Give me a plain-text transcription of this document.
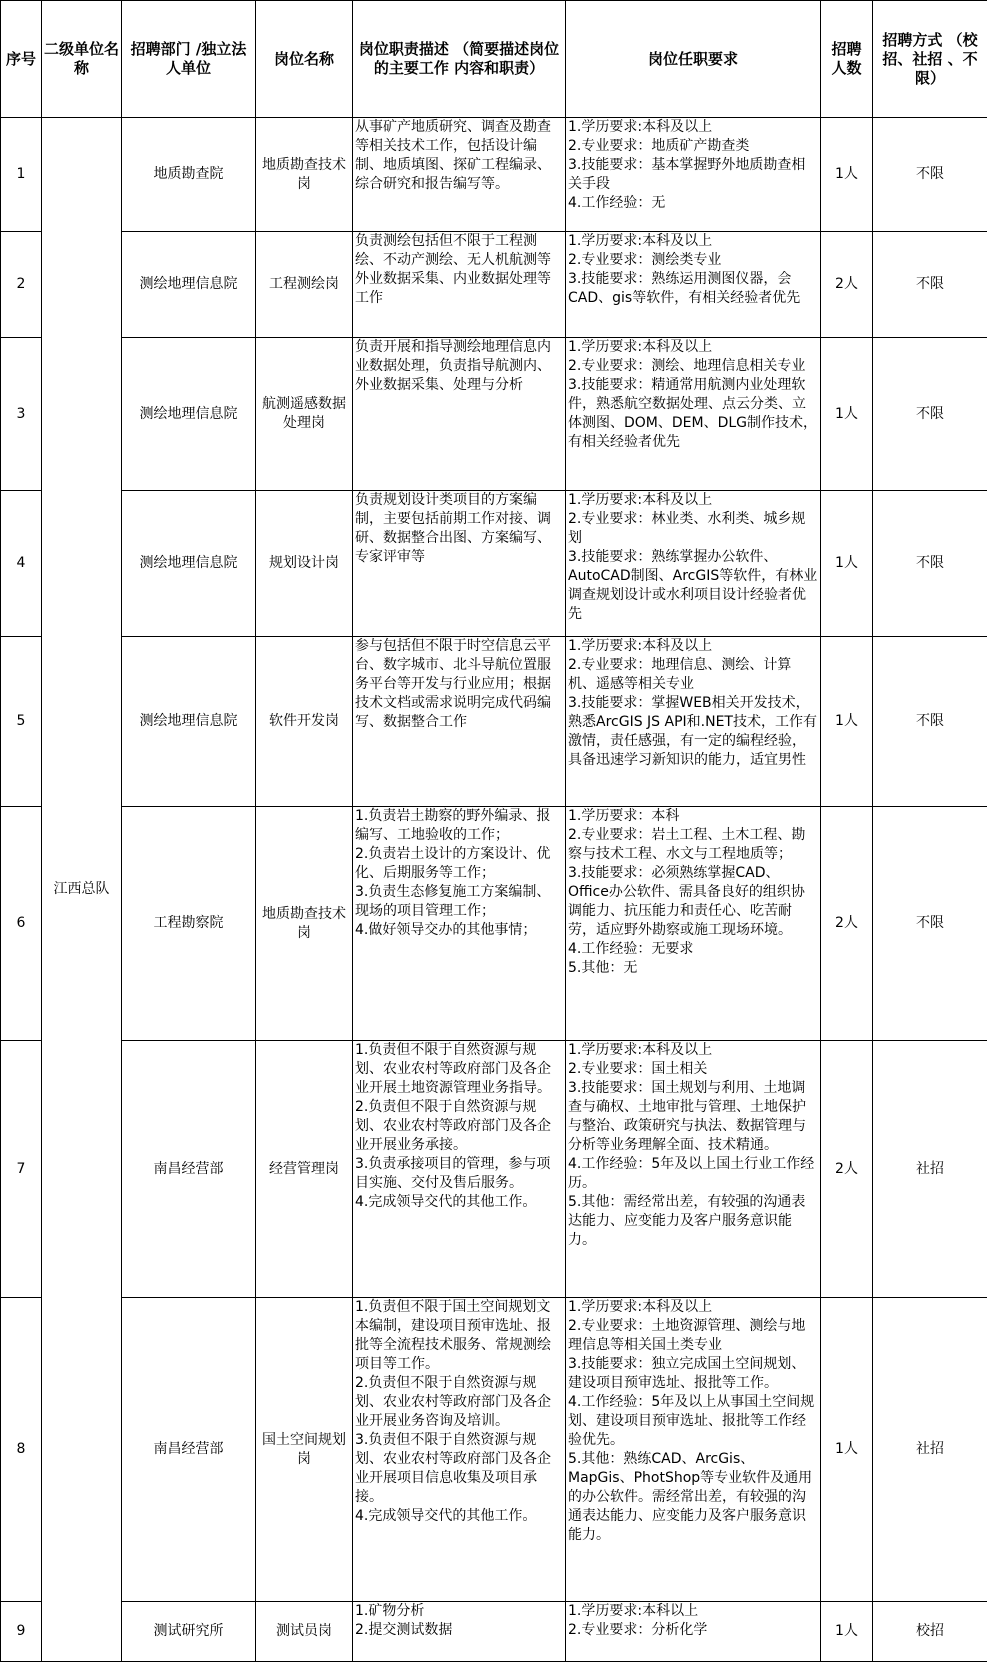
序号	二级单位名称	招聘部门 /独立法人单位	岗位名称	岗位职责描述 （简要描述岗位的主要工作 内容和职责）	岗位任职要求	招聘 人数	招聘方式 （校招、社招 、不限）
1	江西总队	地质勘查院	地质勘查技术岗	从事矿产地质研究、调查及勘查等相关技术工作，包括设计编制、地质填图、探矿工程编录、综合研究和报告编写等。	1.学历要求:本科及以上
2.专业要求：地质矿产勘查类
3.技能要求：基本掌握野外地质勘查相关手段
4.工作经验：无	1人	不限
2		测绘地理信息院	工程测绘岗	负责测绘包括但不限于工程测绘、不动产测绘、无人机航测等外业数据采集、内业数据处理等工作	1.学历要求:本科及以上
2.专业要求：测绘类专业
3.技能要求：熟练运用测图仪器，会CAD、gis等软件，有相关经验者优先	2人	不限
3		测绘地理信息院	航测遥感数据处理岗	负责开展和指导测绘地理信息内业数据处理，负责指导航测内、外业数据采集、处理与分析	1.学历要求:本科及以上
2.专业要求：测绘、地理信息相关专业
3.技能要求：精通常用航测内业处理软件，熟悉航空数据处理、点云分类、立体测图、DOM、DEM、DLG制作技术，有相关经验者优先	1人	不限
4		测绘地理信息院	规划设计岗	负责规划设计类项目的方案编制，主要包括前期工作对接、调研、数据整合出图、方案编写、专家评审等	1.学历要求:本科及以上
2.专业要求：林业类、水利类、城乡规划
3.技能要求：熟练掌握办公软件、AutoCAD制图、ArcGIS等软件，有林业调查规划设计或水利项目设计经验者优先	1人	不限
5		测绘地理信息院	软件开发岗	参与包括但不限于时空信息云平台、数字城市、北斗导航位置服务平台等开发与行业应用；根据技术文档或需求说明完成代码编写、数据整合工作	1.学历要求:本科及以上
2.专业要求：地理信息、测绘、计算机、遥感等相关专业
3.技能要求：掌握WEB相关开发技术，熟悉ArcGIS JS API和.NET技术，工作有激情，责任感强，有一定的编程经验，具备迅速学习新知识的能力，适宜男性	1人	不限
6		工程勘察院	地质勘查技术岗	1.负责岩土勘察的野外编录、报编写、工地验收的工作；
2.负责岩土设计的方案设计、优化、后期服务等工作；
3.负责生态修复施工方案编制、现场的项目管理工作；
4.做好领导交办的其他事情；	1.学历要求：本科
2.专业要求：岩土工程、土木工程、勘察与技术工程、水文与工程地质等；
3.技能要求：必须熟练掌握CAD、Office办公软件、需具备良好的组织协调能力、抗压能力和责任心、吃苦耐劳，适应野外勘察或施工现场环境。
4.工作经验：无要求
5.其他：无	2人	不限
7		南昌经营部	经营管理岗	1.负责但不限于自然资源与规划、农业农村等政府部门及各企业开展土地资源管理业务指导。
2.负责但不限于自然资源与规划、农业农村等政府部门及各企业开展业务承接。
3.负责承接项目的管理，参与项目实施、交付及售后服务。
4.完成领导交代的其他工作。	1.学历要求:本科及以上
2.专业要求：国土相关
3.技能要求：国土规划与利用、土地调查与确权、土地审批与管理、土地保护与整治、政策研究与执法、数据管理与分析等业务理解全面、技术精通。
4.工作经验：5年及以上国土行业工作经历。
5.其他：需经常出差，有较强的沟通表达能力、应变能力及客户服务意识能力。	2人	社招
8		南昌经营部	国土空间规划岗	1.负责但不限于国土空间规划文本编制，建设项目预审选址、报批等全流程技术服务、常规测绘项目等工作。
2.负责但不限于自然资源与规划、农业农村等政府部门及各企业开展业务咨询及培训。
3.负责但不限于自然资源与规划、农业农村等政府部门及各企业开展项目信息收集及项目承接。
4.完成领导交代的其他工作。	1.学历要求:本科及以上
2.专业要求：土地资源管理、测绘与地理信息等相关国土类专业
3.技能要求：独立完成国土空间规划、建设项目预审选址、报批等工作。
4.工作经验：5年及以上从事国土空间规划、建设项目预审选址、报批等工作经验优先。
5.其他：熟练CAD、ArcGis、MapGis、PhotShop等专业软件及通用的办公软件。需经常出差，有较强的沟通表达能力、应变能力及客户服务意识能力。	1人	社招
9		测试研究所	测试员岗	1.矿物分析
2.提交测试数据	1.学历要求:本科以上
2.专业要求：分析化学	1人	校招
